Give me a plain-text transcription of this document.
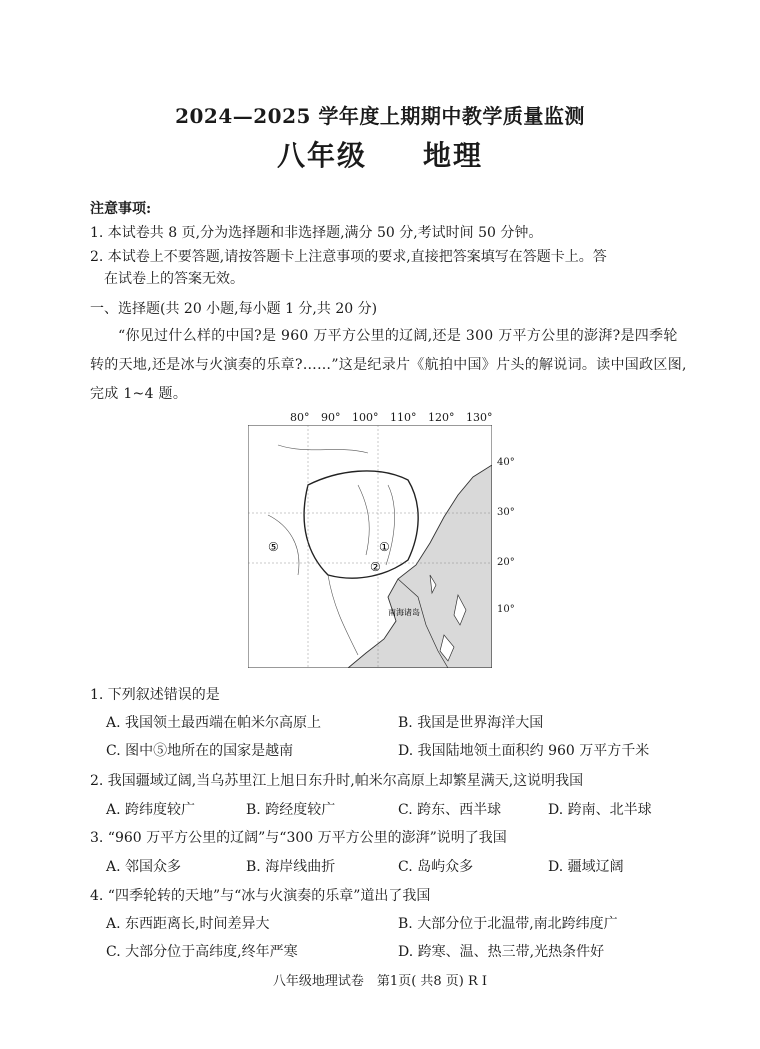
2024—2025 学年度上期期中教学质量监测
八年级 地理
注意事项:
1. 本试卷共 8 页,分为选择题和非选择题,满分 50 分,考试时间 50 分钟。
2. 本试卷上不要答题,请按答题卡上注意事项的要求,直接把答案填写在答题卡上。答
在试卷上的答案无效。
一、选择题(共 20 小题,每小题 1 分,共 20 分)
“你见过什么样的中国?是 960 万平方公里的辽阔,还是 300 万平方公里的澎湃?是四季轮转的天地,还是冰与火演奏的乐章?……”这是纪录片《航拍中国》片头的解说词。读中国政区图,完成 1~4 题。
80° 90° 100° 110° 120° 130°
①
②
⑤
南海诸岛
40°
30°
20°
10°
1. 下列叙述错误的是
A. 我国领土最西端在帕米尔高原上	B. 我国是世界海洋大国
C. 图中⑤地所在的国家是越南	D. 我国陆地领土面积约 960 万平方千米
2. 我国疆域辽阔,当乌苏里江上旭日东升时,帕米尔高原上却繁星满天,这说明我国
A. 跨纬度较广	B. 跨经度较广	C. 跨东、西半球	D. 跨南、北半球
3. “960 万平方公里的辽阔”与“300 万平方公里的澎湃”说明了我国
A. 邻国众多	B. 海岸线曲折	C. 岛屿众多	D. 疆域辽阔
4. “四季轮转的天地”与“冰与火演奏的乐章”道出了我国
A. 东西距离长,时间差异大	B. 大部分位于北温带,南北跨纬度广
C. 大部分位于高纬度,终年严寒	D. 跨寒、温、热三带,光热条件好
八年级地理试卷　第1页( 共8 页) R I
